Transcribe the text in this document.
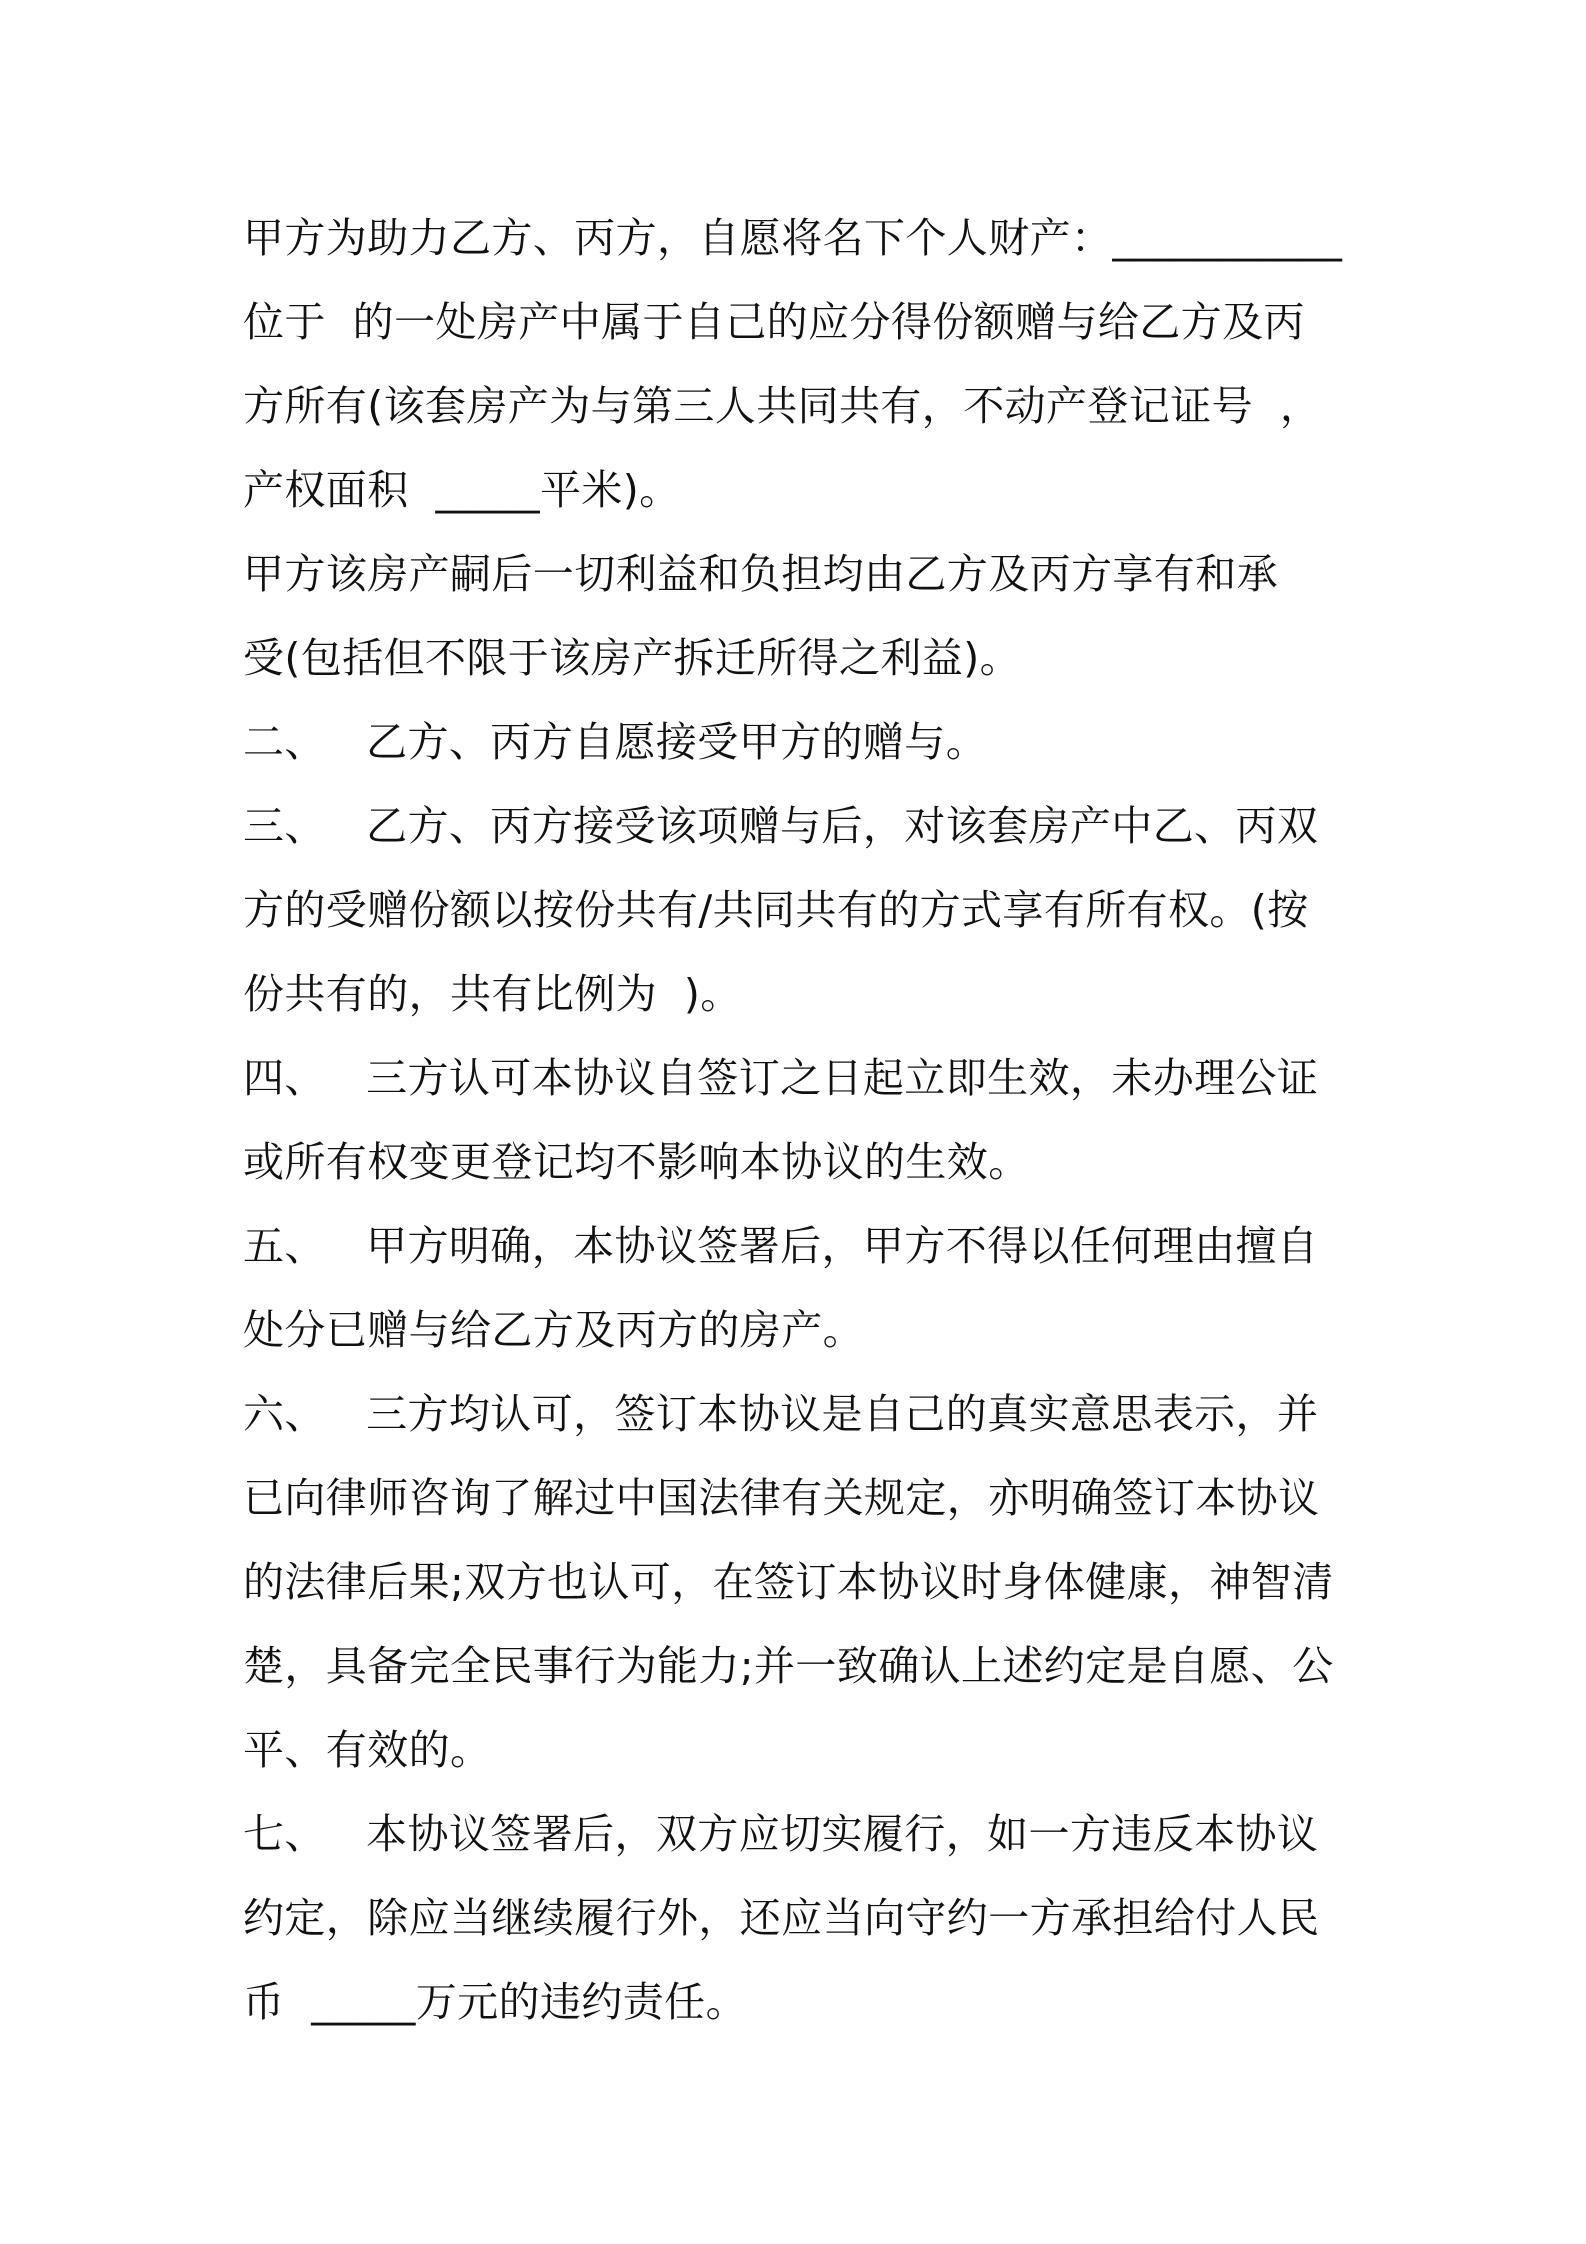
甲方为助力乙方、丙方，自愿将名下个人财产：___________
位于  的一处房产中属于自己的应分得份额赠与给乙方及丙
方所有(该套房产为与第三人共同共有，不动产登记证号  ，
产权面积  _____平米)。
甲方该房产嗣后一切利益和负担均由乙方及丙方享有和承
受(包括但不限于该房产拆迁所得之利益)。
二、   乙方、丙方自愿接受甲方的赠与。
三、   乙方、丙方接受该项赠与后，对该套房产中乙、丙双
方的受赠份额以按份共有/共同共有的方式享有所有权。(按
份共有的，共有比例为  )。
四、   三方认可本协议自签订之日起立即生效，未办理公证
或所有权变更登记均不影响本协议的生效。
五、   甲方明确，本协议签署后，甲方不得以任何理由擅自
处分已赠与给乙方及丙方的房产。
六、   三方均认可，签订本协议是自己的真实意思表示，并
已向律师咨询了解过中国法律有关规定，亦明确签订本协议
的法律后果;双方也认可，在签订本协议时身体健康，神智清
楚，具备完全民事行为能力;并一致确认上述约定是自愿、公
平、有效的。
七、   本协议签署后，双方应切实履行，如一方违反本协议
约定，除应当继续履行外，还应当向守约一方承担给付人民
币  _____万元的违约责任。
